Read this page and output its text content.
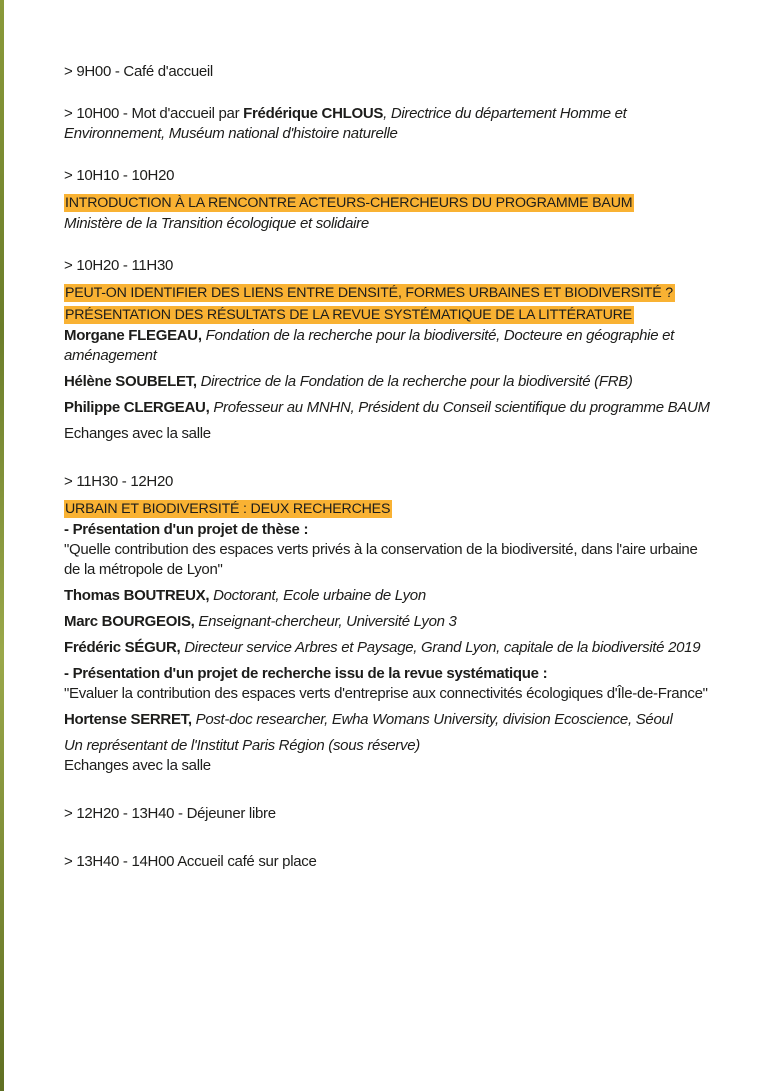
> 9H00 - Café d'accueil

> 10H00 - Mot d'accueil par Frédérique CHLOUS, Directrice du département Homme et Environnement, Muséum national d'histoire naturelle

> 10H10 - 10H20

INTRODUCTION À LA RENCONTRE ACTEURS-CHERCHEURS DU PROGRAMME BAUM

Ministère de la Transition écologique et solidaire

> 10H20 - 11H30

PEUT-ON IDENTIFIER DES LIENS ENTRE DENSITÉ, FORMES URBAINES ET BIODIVERSITÉ ?

PRÉSENTATION DES RÉSULTATS DE LA REVUE SYSTÉMATIQUE DE LA LITTÉRATURE

Morgane FLEGEAU, Fondation de la recherche pour la biodiversité, Docteure en géographie et aménagement

Hélène SOUBELET, Directrice de la Fondation de la recherche pour la biodiversité (FRB)

Philippe CLERGEAU, Professeur au MNHN, Président du Conseil scientifique du programme BAUM

Echanges avec la salle

> 11H30 - 12H20

URBAIN ET BIODIVERSITÉ : DEUX RECHERCHES

- Présentation d'un projet de thèse :

"Quelle contribution des espaces verts privés à la conservation de la biodiversité, dans l'aire urbaine de la métropole de Lyon"

Thomas BOUTREUX, Doctorant, Ecole urbaine de Lyon

Marc BOURGEOIS, Enseignant-chercheur, Université Lyon 3

Frédéric SÉGUR, Directeur service Arbres et Paysage, Grand Lyon, capitale de la biodiversité 2019

- Présentation d'un projet de recherche issu de la revue systématique :

"Evaluer la contribution des espaces verts d'entreprise aux connectivités écologiques d'Île-de-France"

Hortense SERRET, Post-doc researcher, Ewha Womans University, division Ecoscience, Séoul

Un représentant de l'Institut Paris Région (sous réserve)

Echanges avec la salle

> 12H20 - 13H40 - Déjeuner libre

> 13H40 - 14H00 Accueil café sur place
